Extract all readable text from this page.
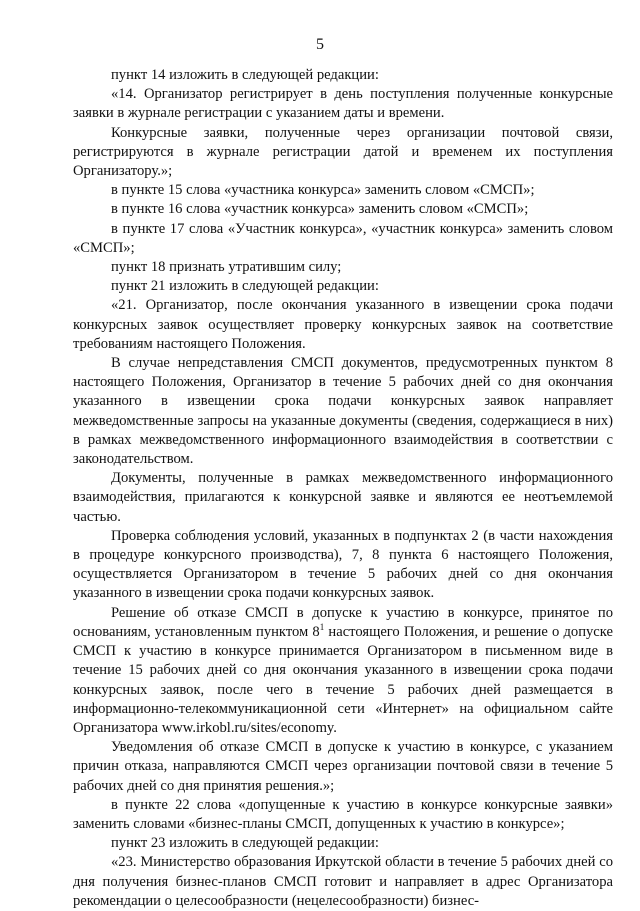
5

пункт 14 изложить в следующей редакции:

«14. Организатор регистрирует в день поступления полученные конкурсные заявки в журнале регистрации с указанием даты и времени.

Конкурсные заявки, полученные через организации почтовой связи, регистрируются в журнале регистрации датой и временем их поступления Организатору.»;

в пункте 15 слова «участника конкурса» заменить словом «СМСП»;

в пункте 16 слова «участник конкурса» заменить словом «СМСП»;

в пункте 17 слова «Участник конкурса», «участник конкурса» заменить словом «СМСП»;

пункт 18 признать утратившим силу;

пункт 21 изложить в следующей редакции:

«21. Организатор, после окончания указанного в извещении срока подачи конкурсных заявок осуществляет проверку конкурсных заявок на соответствие требованиям настоящего Положения.

В случае непредставления СМСП документов, предусмотренных пунктом 8 настоящего Положения, Организатор в течение 5 рабочих дней со дня окончания указанного в извещении срока подачи конкурсных заявок направляет межведомственные запросы на указанные документы (сведения, содержащиеся в них) в рамках межведомственного информационного взаимодействия в соответствии с законодательством.

Документы, полученные в рамках межведомственного информационного взаимодействия, прилагаются к конкурсной заявке и являются ее неотъемлемой частью.

Проверка соблюдения условий, указанных в подпунктах 2 (в части нахождения в процедуре конкурсного производства), 7, 8 пункта 6 настоящего Положения, осуществляется Организатором в течение 5 рабочих дней со дня окончания указанного в извещении срока подачи конкурсных заявок.

Решение об отказе СМСП в допуске к участию в конкурсе, принятое по основаниям, установленным пунктом $8^1$ настоящего Положения, и решение о допуске СМСП к участию в конкурсе принимается Организатором в письменном виде в течение 15 рабочих дней со дня окончания указанного в извещении срока подачи конкурсных заявок, после чего в течение 5 рабочих дней размещается в информационно-телекоммуникационной сети «Интернет» на официальном сайте Организатора www.irkobl.ru/sites/economy.

Уведомления об отказе СМСП в допуске к участию в конкурсе, с указанием причин отказа, направляются СМСП через организации почтовой связи в течение 5 рабочих дней со дня принятия решения.»;

в пункте 22 слова «допущенные к участию в конкурсе конкурсные заявки» заменить словами «бизнес-планы СМСП, допущенных к участию в конкурсе»;

пункт 23 изложить в следующей редакции:

«23. Министерство образования Иркутской области в течение 5 рабочих дней со дня получения бизнес-планов СМСП готовит и направляет в адрес Организатора рекомендации о целесообразности (нецелесообразности) бизнес-
